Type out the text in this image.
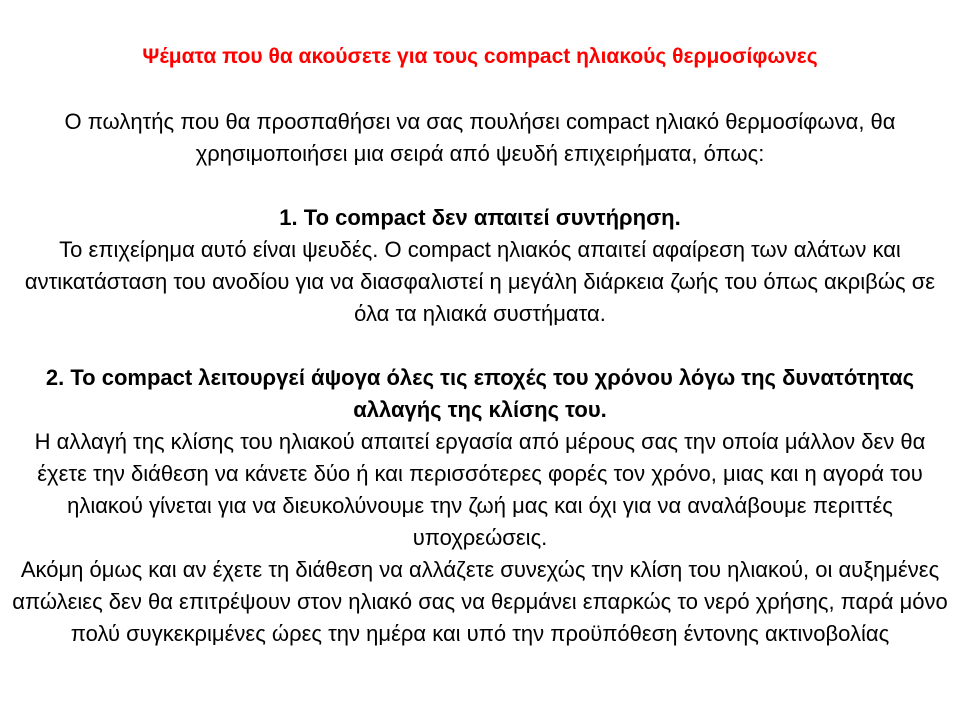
Ψέματα που θα ακούσετε για τους compact ηλιακούς θερμοσίφωνες

Ο πωλητής που θα προσπαθήσει να σας πουλήσει compact ηλιακό θερμοσίφωνα, θα χρησιμοποιήσει μια σειρά από ψευδή επιχειρήματα, όπως:

1. Το compact δεν απαιτεί συντήρηση.

Το επιχείρημα αυτό είναι ψευδές. Ο compact ηλιακός απαιτεί αφαίρεση των αλάτων και αντικατάσταση του ανοδίου για να διασφαλιστεί η μεγάλη διάρκεια ζωής του όπως ακριβώς σε όλα τα ηλιακά συστήματα.

2. Το compact λειτουργεί άψογα όλες τις εποχές του χρόνου λόγω της δυνατότητας αλλαγής της κλίσης του.

Η αλλαγή της κλίσης του ηλιακού απαιτεί εργασία από μέρους σας την οποία μάλλον δεν θα έχετε την διάθεση να κάνετε δύο ή και περισσότερες φορές τον χρόνο, μιας και η αγορά του ηλιακού γίνεται για να διευκολύνουμε την ζωή μας και όχι για να αναλάβουμε περιττές υποχρεώσεις.

Ακόμη όμως και αν έχετε τη διάθεση να αλλάζετε συνεχώς την κλίση του ηλιακού, οι αυξημένες απώλειες δεν θα επιτρέψουν στον ηλιακό σας να θερμάνει επαρκώς το νερό χρήσης, παρά μόνο πολύ συγκεκριμένες ώρες την ημέρα και υπό την προϋπόθεση έντονης ακτινοβολίας
